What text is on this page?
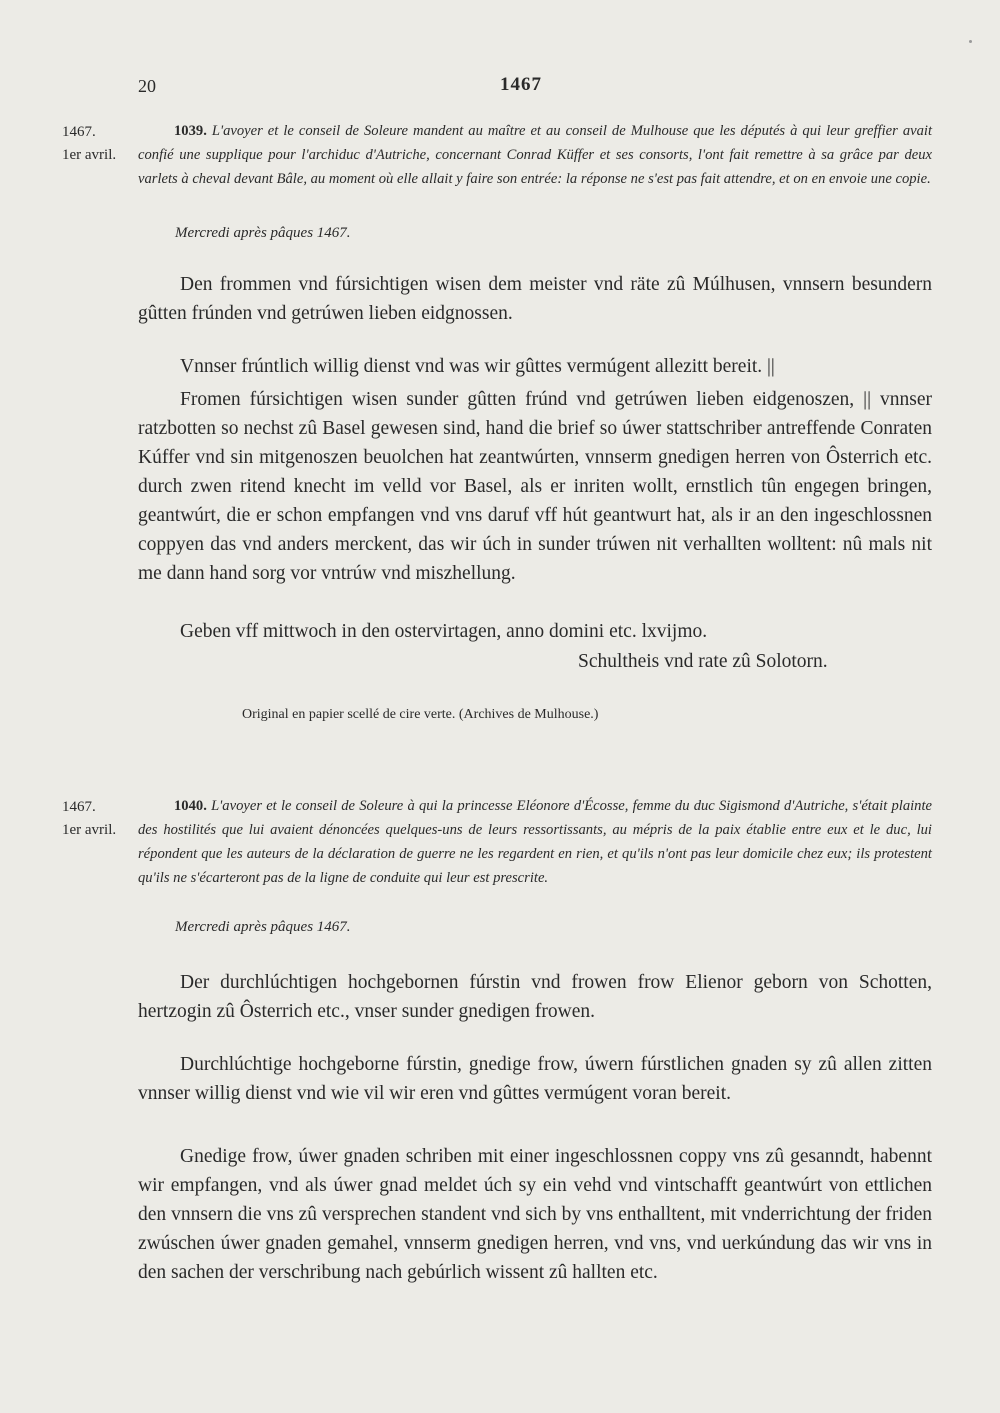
20	1467
1467.
1er avril.

1039. L'avoyer et le conseil de Soleure mandent au maître et au conseil de Mulhouse que les députés à qui leur greffier avait confié une supplique pour l'archiduc d'Autriche, concernant Conrad Küffer et ses consorts, l'ont fait remettre à sa grâce par deux varlets à cheval devant Bâle, au moment où elle allait y faire son entrée: la réponse ne s'est pas fait attendre, et on en envoie une copie.

Mercredi après pâques 1467.

Den frommen vnd fúrsichtigen wisen dem meister vnd räte zû Múlhusen, vnnsern besundern gûtten frúnden vnd getrúwen lieben eidgnossen.

Vnnser frúntlich willig dienst vnd was wir gûttes vermúgent allezitt bereit. ||

Fromen fúrsichtigen wisen sunder gûtten frúnd vnd getrúwen lieben eidgenoszen, || vnnser ratzbotten so nechst zû Basel gewesen sind, hand die brief so úwer stattschriber antreffende Conraten Kúffer vnd sin mitgenoszen beuolchen hat zeantwúrten, vnnserm gnedigen herren von Ôsterrich etc. durch zwen ritend knecht im velld vor Basel, als er inriten wollt, ernstlich tûn engegen bringen, geantwúrt, die er schon empfangen vnd vns daruf vff hút geantwurt hat, als ir an den ingeschlossnen coppyen das vnd anders merckent, das wir úch in sunder trúwen nit verhallten wolltent: nû mals nit me dann hand sorg vor vntrúw vnd miszhellung.

Geben vff mittwoch in den ostervirtagen, anno domini etc. lxvijmo.

Schultheis vnd rate zû Solotorn.
Original en papier scellé de cire verte. (Archives de Mulhouse.)
1467.
1er avril.

1040. L'avoyer et le conseil de Soleure à qui la princesse Eléonore d'Écosse, femme du duc Sigismond d'Autriche, s'était plainte des hostilités que lui avaient dénoncées quelques-uns de leurs ressortissants, au mépris de la paix établie entre eux et le duc, lui répondent que les auteurs de la déclaration de guerre ne les regardent en rien, et qu'ils n'ont pas leur domicile chez eux; ils protestent qu'ils ne s'écarteront pas de la ligne de conduite qui leur est prescrite.

Mercredi après pâques 1467.

Der durchlúchtigen hochgebornen fúrstin vnd frowen frow Elienor geborn von Schotten, hertzogin zû Ôsterrich etc., vnser sunder gnedigen frowen.

Durchlúchtige hochgeborne fúrstin, gnedige frow, úwern fúrstlichen gnaden sy zû allen zitten vnnser willig dienst vnd wie vil wir eren vnd gûttes vermúgent voran bereit.

Gnedige frow, úwer gnaden schriben mit einer ingeschlossnen coppy vns zû gesanndt, habennt wir empfangen, vnd als úwer gnad meldet úch sy ein vehd vnd vintschafft geantwúrt von ettlichen den vnnsern die vns zû versprechen standent vnd sich by vns enthalltent, mit vnderrichtung der friden zwúschen úwer gnaden gemahel, vnnserm gnedigen herren, vnd vns, vnd uerkúndung das wir vns in den sachen der verschribung nach gebúrlich wissent zû hallten etc.
